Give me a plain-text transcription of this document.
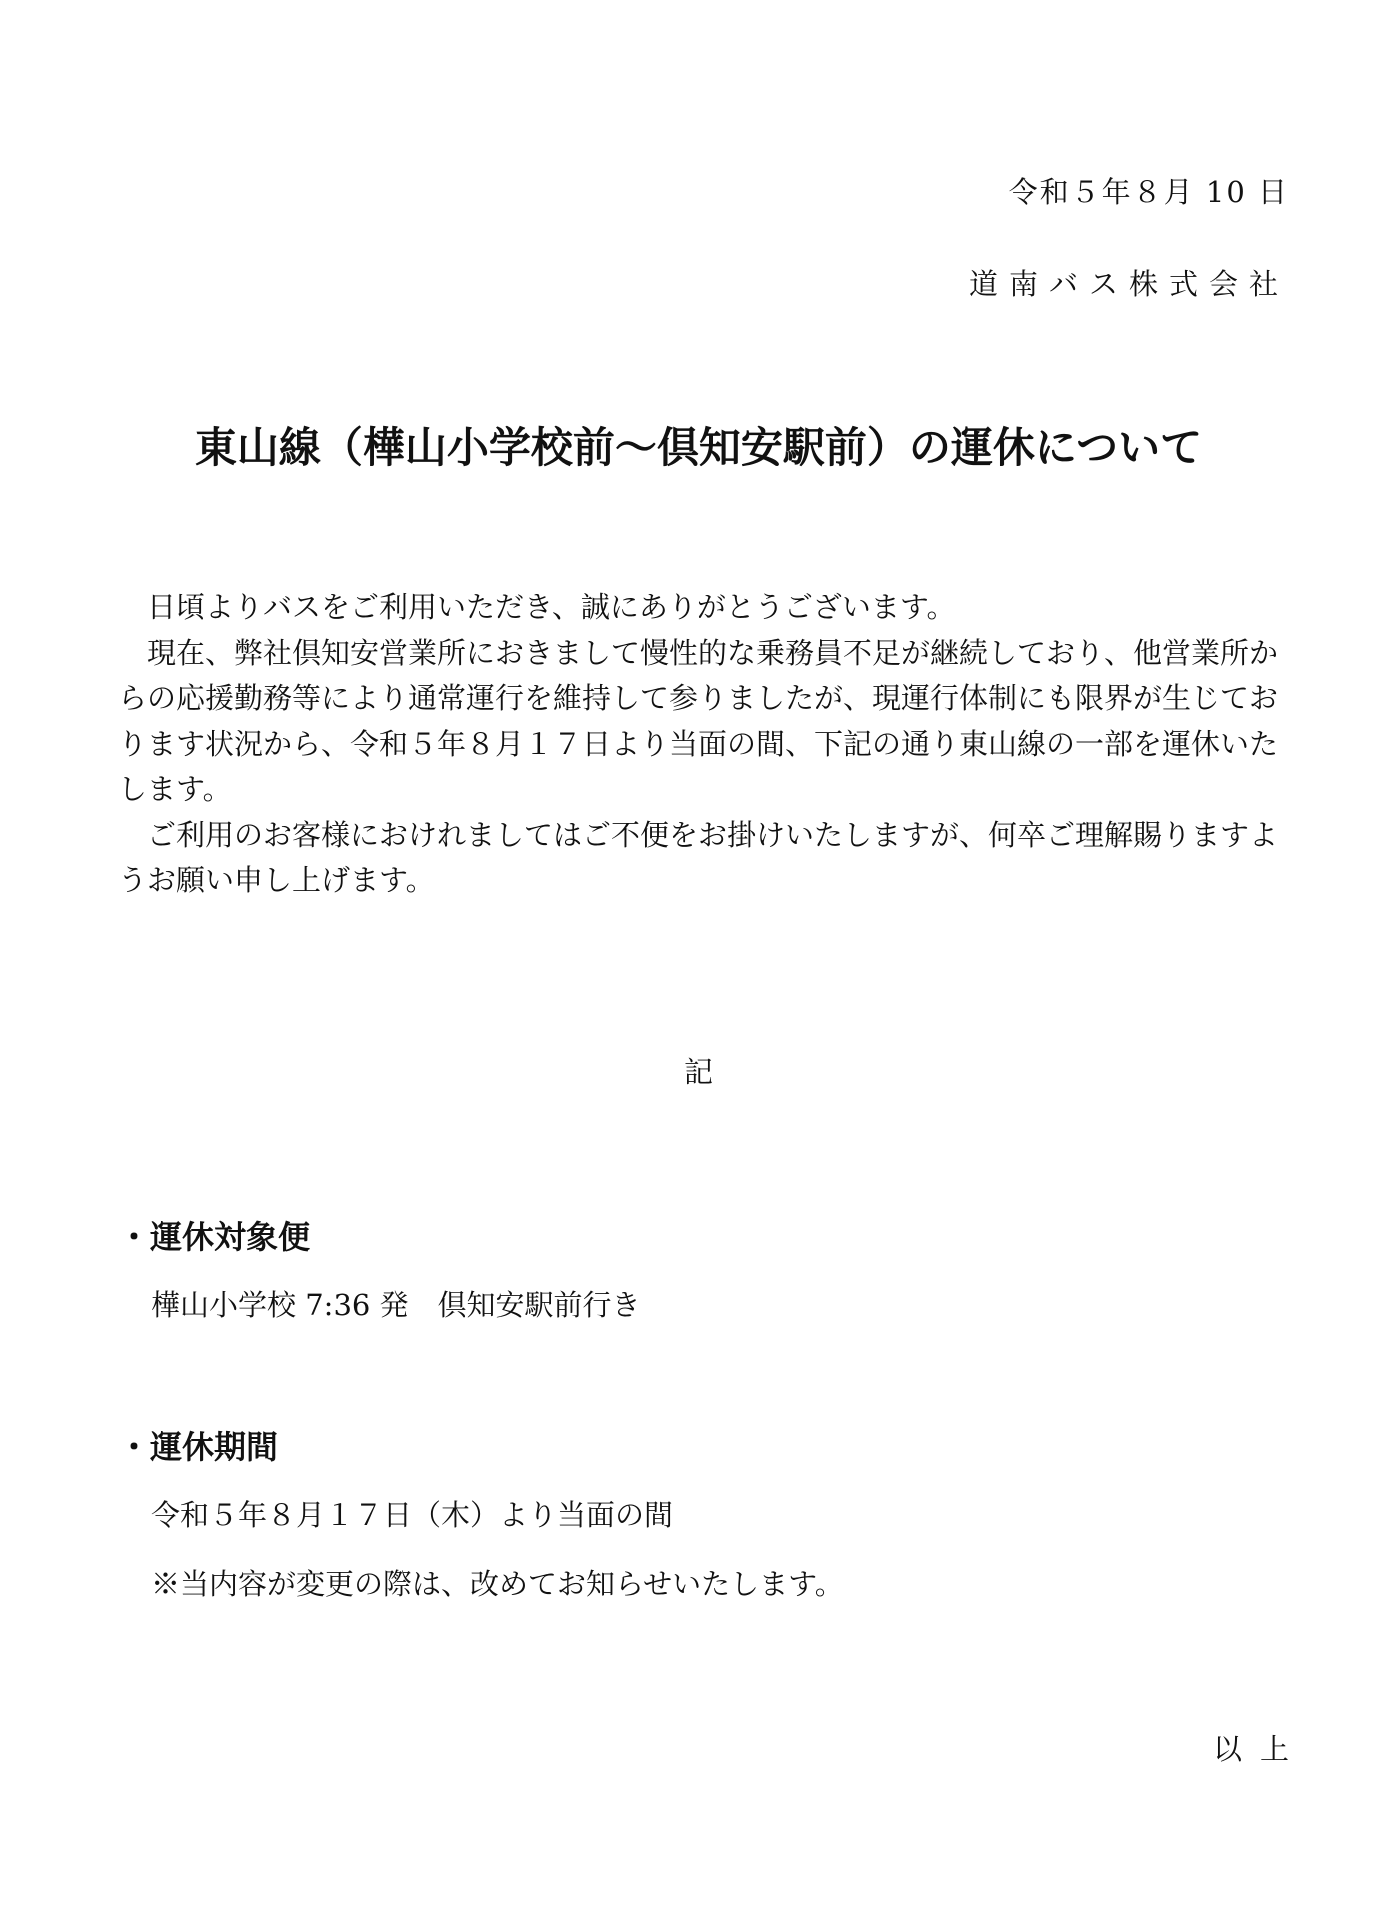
令和５年８月 10 日
道南バス株式会社
東山線（樺山小学校前～倶知安駅前）の運休について

日頃よりバスをご利用いただき、誠にありがとうございます。

現在、弊社倶知安営業所におきまして慢性的な乗務員不足が継続しており、他営業所からの応援勤務等により通常運行を維持して参りましたが、現運行体制にも限界が生じております状況から、令和５年８月１７日より当面の間、下記の通り東山線の一部を運休いたします。

ご利用のお客様におけれましてはご不便をお掛けいたしますが、何卒ご理解賜りますようお願い申し上げます。

記
・運休対象便
樺山小学校 7:36 発　倶知安駅前行き
・運休期間
令和５年８月１７日（木）より当面の間
※当内容が変更の際は、改めてお知らせいたします。
以上
